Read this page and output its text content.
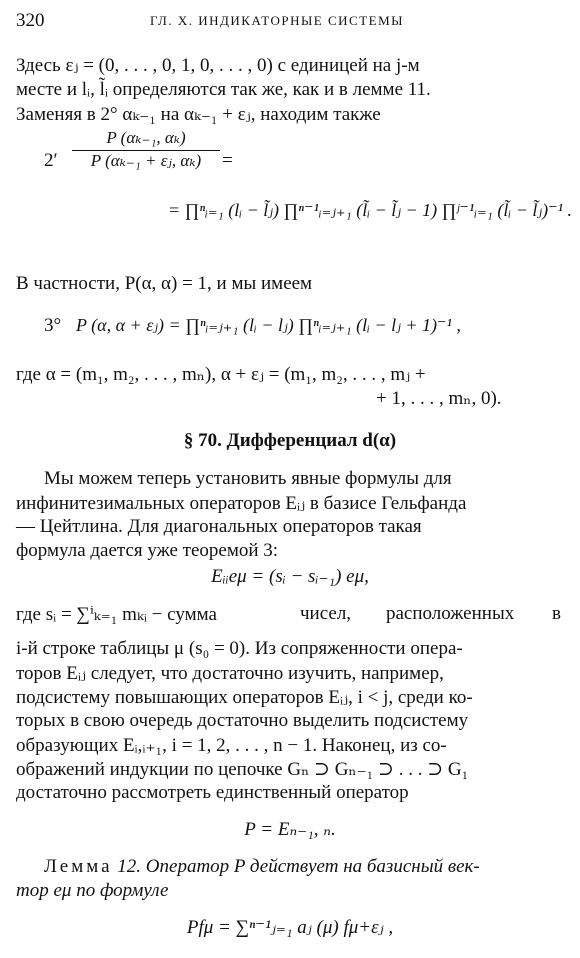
320	ГЛ. X. ИНДИКАТОРНЫЕ СИСТЕМЫ
Здесь εⱼ = (0, . . . , 0, 1, 0, . . . , 0) с единицей на j-м
месте и lᵢ, l̃ᵢ определяются так же, как и в лемме 11.
Заменяя в 2° αₖ₋₁ на αₖ₋₁ + εⱼ, находим также
2′
P (αₖ₋₁, αₖ)
P (αₖ₋₁ + εⱼ, αₖ)	=
= ∏ⁿᵢ₌₁ (lᵢ − l̃ⱼ) ∏ⁿ⁻¹ᵢ₌ⱼ₊₁ (l̃ᵢ − l̃ⱼ − 1) ∏ʲ⁻¹ᵢ₌₁ (l̃ᵢ − l̃ⱼ)⁻¹ .
В частности, P(α, α) = 1, и мы имеем
3° P (α, α + εⱼ) = ∏ⁿᵢ₌ⱼ₊₁ (lᵢ − lⱼ) ∏ⁿᵢ₌ⱼ₊₁ (lᵢ − lⱼ + 1)⁻¹ ,
где α = (m₁, m₂, . . . , mₙ), α + εⱼ = (m₁, m₂, . . . , mⱼ +
+ 1, . . . , mₙ, 0).
§ 70. Дифференциал d(α)
Мы можем теперь установить явные формулы для
инфинитезимальных операторов Eᵢⱼ в базисе Гельфанда
— Цейтлина. Для диагональных операторов такая
формула дается уже теоремой 3:
Eᵢᵢeμ = (sᵢ − sᵢ₋₁) eμ,
где sᵢ = ∑ⁱₖ₌₁ mₖᵢ − сумма	чисел, расположенных в
i-й строке таблицы μ (s₀ = 0). Из сопряженности опера-
торов Eᵢⱼ следует, что достаточно изучить, например,
подсистему повышающих операторов Eᵢⱼ, i < j, среди ко-
торых в свою очередь достаточно выделить подсистему
образующих Eᵢ,ᵢ₊₁, i = 1, 2, . . . , n − 1. Наконец, из со-
ображений индукции по цепочке Gₙ ⊃ Gₙ₋₁ ⊃ . . . ⊃ G₁
достаточно рассмотреть единственный оператор
P = Eₙ₋₁, ₙ.
Лемма 12. Оператор P действует на базисный век-
тор eμ по формуле
Pfμ = ∑ⁿ⁻¹ⱼ₌₁ aⱼ (μ) fμ+εⱼ ,
